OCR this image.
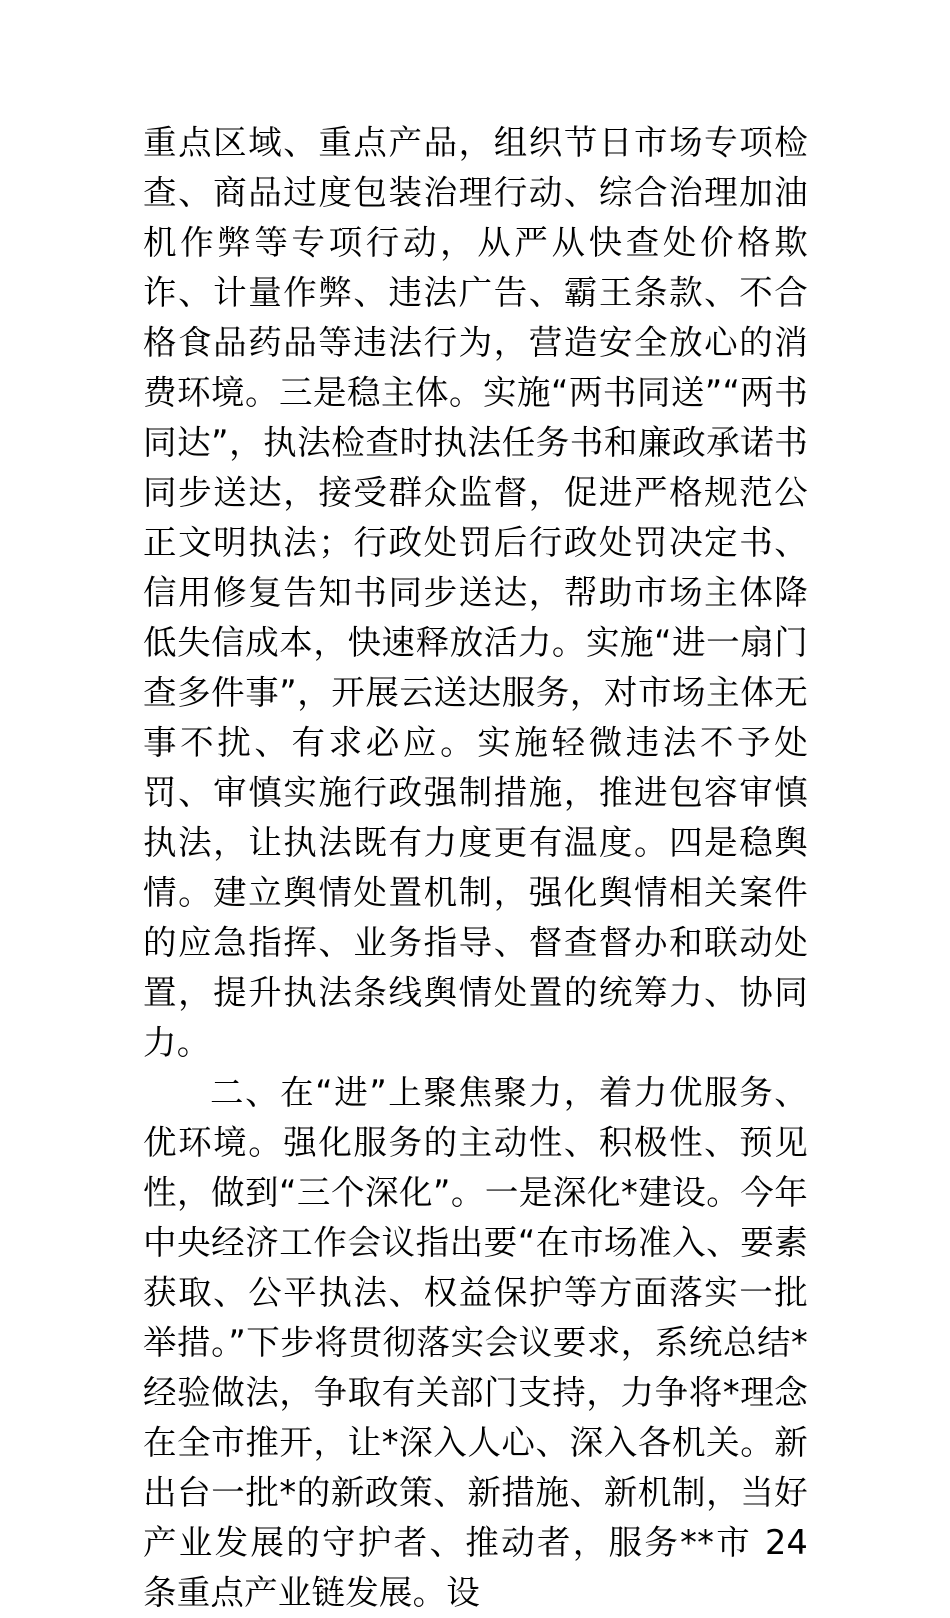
重点区域、重点产品，组织节日市场专项检查、商品过度包装治理行动、综合治理加油机作弊等专项行动，从严从快查处价格欺诈、计量作弊、违法广告、霸王条款、不合格食品药品等违法行为，营造安全放心的消费环境。三是稳主体。实施“两书同送”“两书同达”，执法检查时执法任务书和廉政承诺书同步送达，接受群众监督，促进严格规范公正文明执法；行政处罚后行政处罚决定书、信用修复告知书同步送达，帮助市场主体降低失信成本，快速释放活力。实施“进一扇门查多件事”，开展云送达服务，对市场主体无事不扰、有求必应。实施轻微违法不予处罚、审慎实施行政强制措施，推进包容审慎执法，让执法既有力度更有温度。四是稳舆情。建立舆情处置机制，强化舆情相关案件的应急指挥、业务指导、督查督办和联动处置，提升执法条线舆情处置的统筹力、协同力。

二、在“进”上聚焦聚力，着力优服务、优环境。强化服务的主动性、积极性、预见性，做到“三个深化”。一是深化*建设。今年中央经济工作会议指出要“在市场准入、要素获取、公平执法、权益保护等方面落实一批举措。”下步将贯彻落实会议要求，系统总结*经验做法，争取有关部门支持，力争将*理念在全市推开，让*深入人心、深入各机关。新出台一批*的新政策、新措施、新机制，当好产业发展的守护者、推动者，服务**市 24 条重点产业链发展。设
